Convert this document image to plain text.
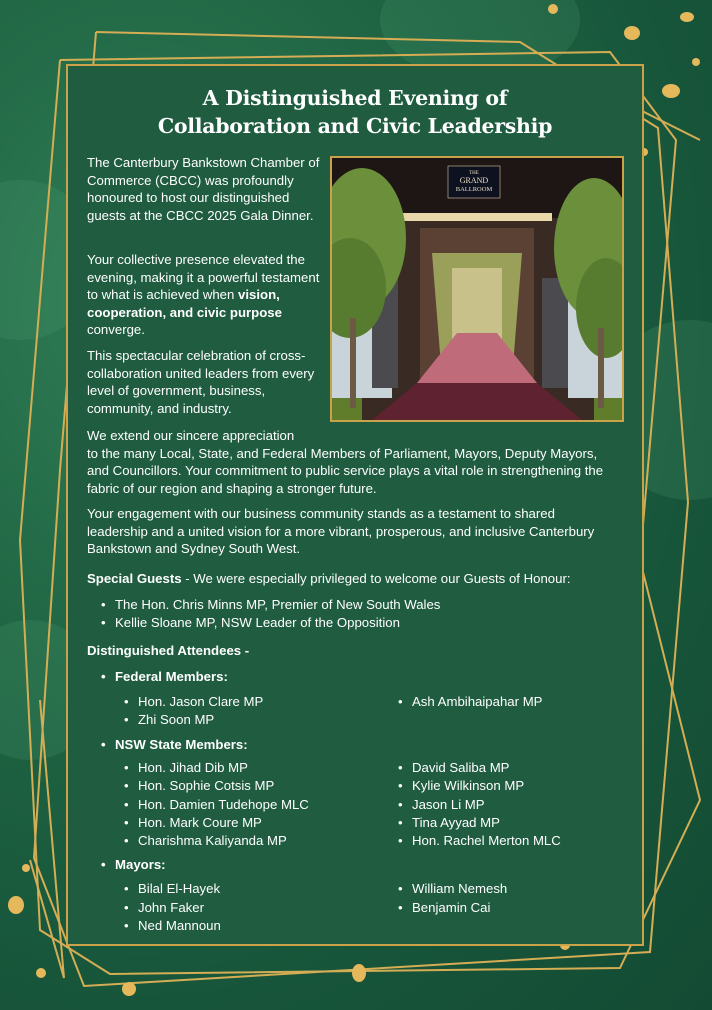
A Distinguished Evening of
Collaboration and Civic Leadership
THE
GRAND
BALLROOM
The Canterbury Bankstown Chamber of Commerce (CBCC) was profoundly honoured to host our distinguished guests at the CBCC 2025 Gala Dinner.
Your collective presence elevated the evening, making it a powerful testament to what is achieved when vision, cooperation, and civic purpose converge.
This spectacular celebration of cross-collaboration united leaders from every level of government, business, community, and industry.
We extend our sincere appreciation
to the many Local, State, and Federal Members of Parliament, Mayors, Deputy Mayors, and Councillors. Your commitment to public service plays a vital role in strengthening the fabric of our region and shaping a stronger future.
Your engagement with our business community stands as a testament to shared leadership and a united vision for a more vibrant, prosperous, and inclusive Canterbury Bankstown and Sydney South West.
Special Guests - We were especially privileged to welcome our Guests of Honour:
• The Hon. Chris Minns MP, Premier of New South Wales
• Kellie Sloane MP, NSW Leader of the Opposition
Distinguished Attendees -
• Federal Members:
• Hon. Jason Clare MP
• Zhi Soon MP
• Ash Ambihaipahar MP
• NSW State Members:
• Hon. Jihad Dib MP
• Hon. Sophie Cotsis MP
• Hon. Damien Tudehope MLC
• Hon. Mark Coure MP
• Charishma Kaliyanda MP
• David Saliba MP
• Kylie Wilkinson MP
• Jason Li MP
• Tina Ayyad MP
• Hon. Rachel Merton MLC
• Mayors:
• Bilal El-Hayek
• John Faker
• Ned Mannoun
• William Nemesh
• Benjamin Cai
